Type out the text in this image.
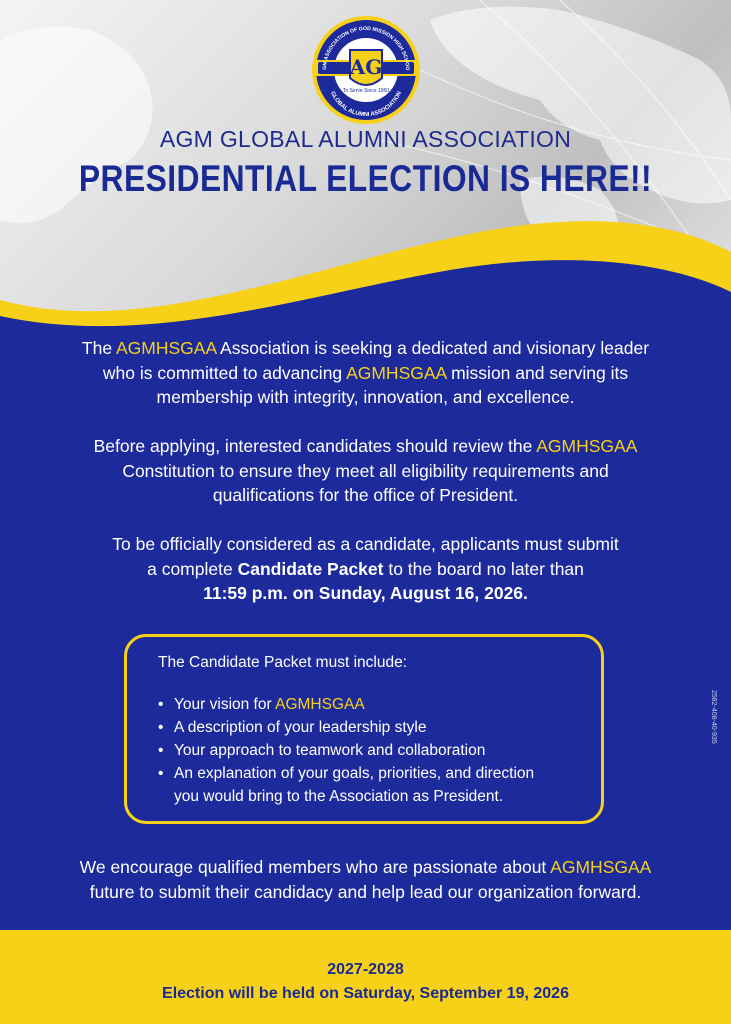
AG
To Serve Since 1950
GM ASSOCIATION OF GOD MISSION HIGH SCHOO
GLOBAL ALUMNI ASSOCIATION
AGM GLOBAL ALUMNI ASSOCIATION
PRESIDENTIAL ELECTION IS HERE!!
The AGMHSGAA Association is seeking a dedicated and visionary leader
who is committed to advancing AGMHSGAA mission and serving its
membership with integrity, innovation, and excellence.
Before applying, interested candidates should review the AGMHSGAA
Constitution to ensure they meet all eligibility requirements and
qualifications for the office of President.
To be officially considered as a candidate, applicants must submit
a complete Candidate Packet to the board no later than
11:59 p.m. on Sunday, August 16, 2026.
The Candidate Packet must include:
• Your vision for AGMHSGAA
• A description of your leadership style
• Your approach to teamwork and collaboration
• An explanation of your goals, priorities, and direction
you would bring to the Association as President.
2582-408-40-935
We encourage qualified members who are passionate about AGMHSGAA
future to submit their candidacy and help lead our organization forward.
2027-2028
Election will be held on Saturday, September 19, 2026
